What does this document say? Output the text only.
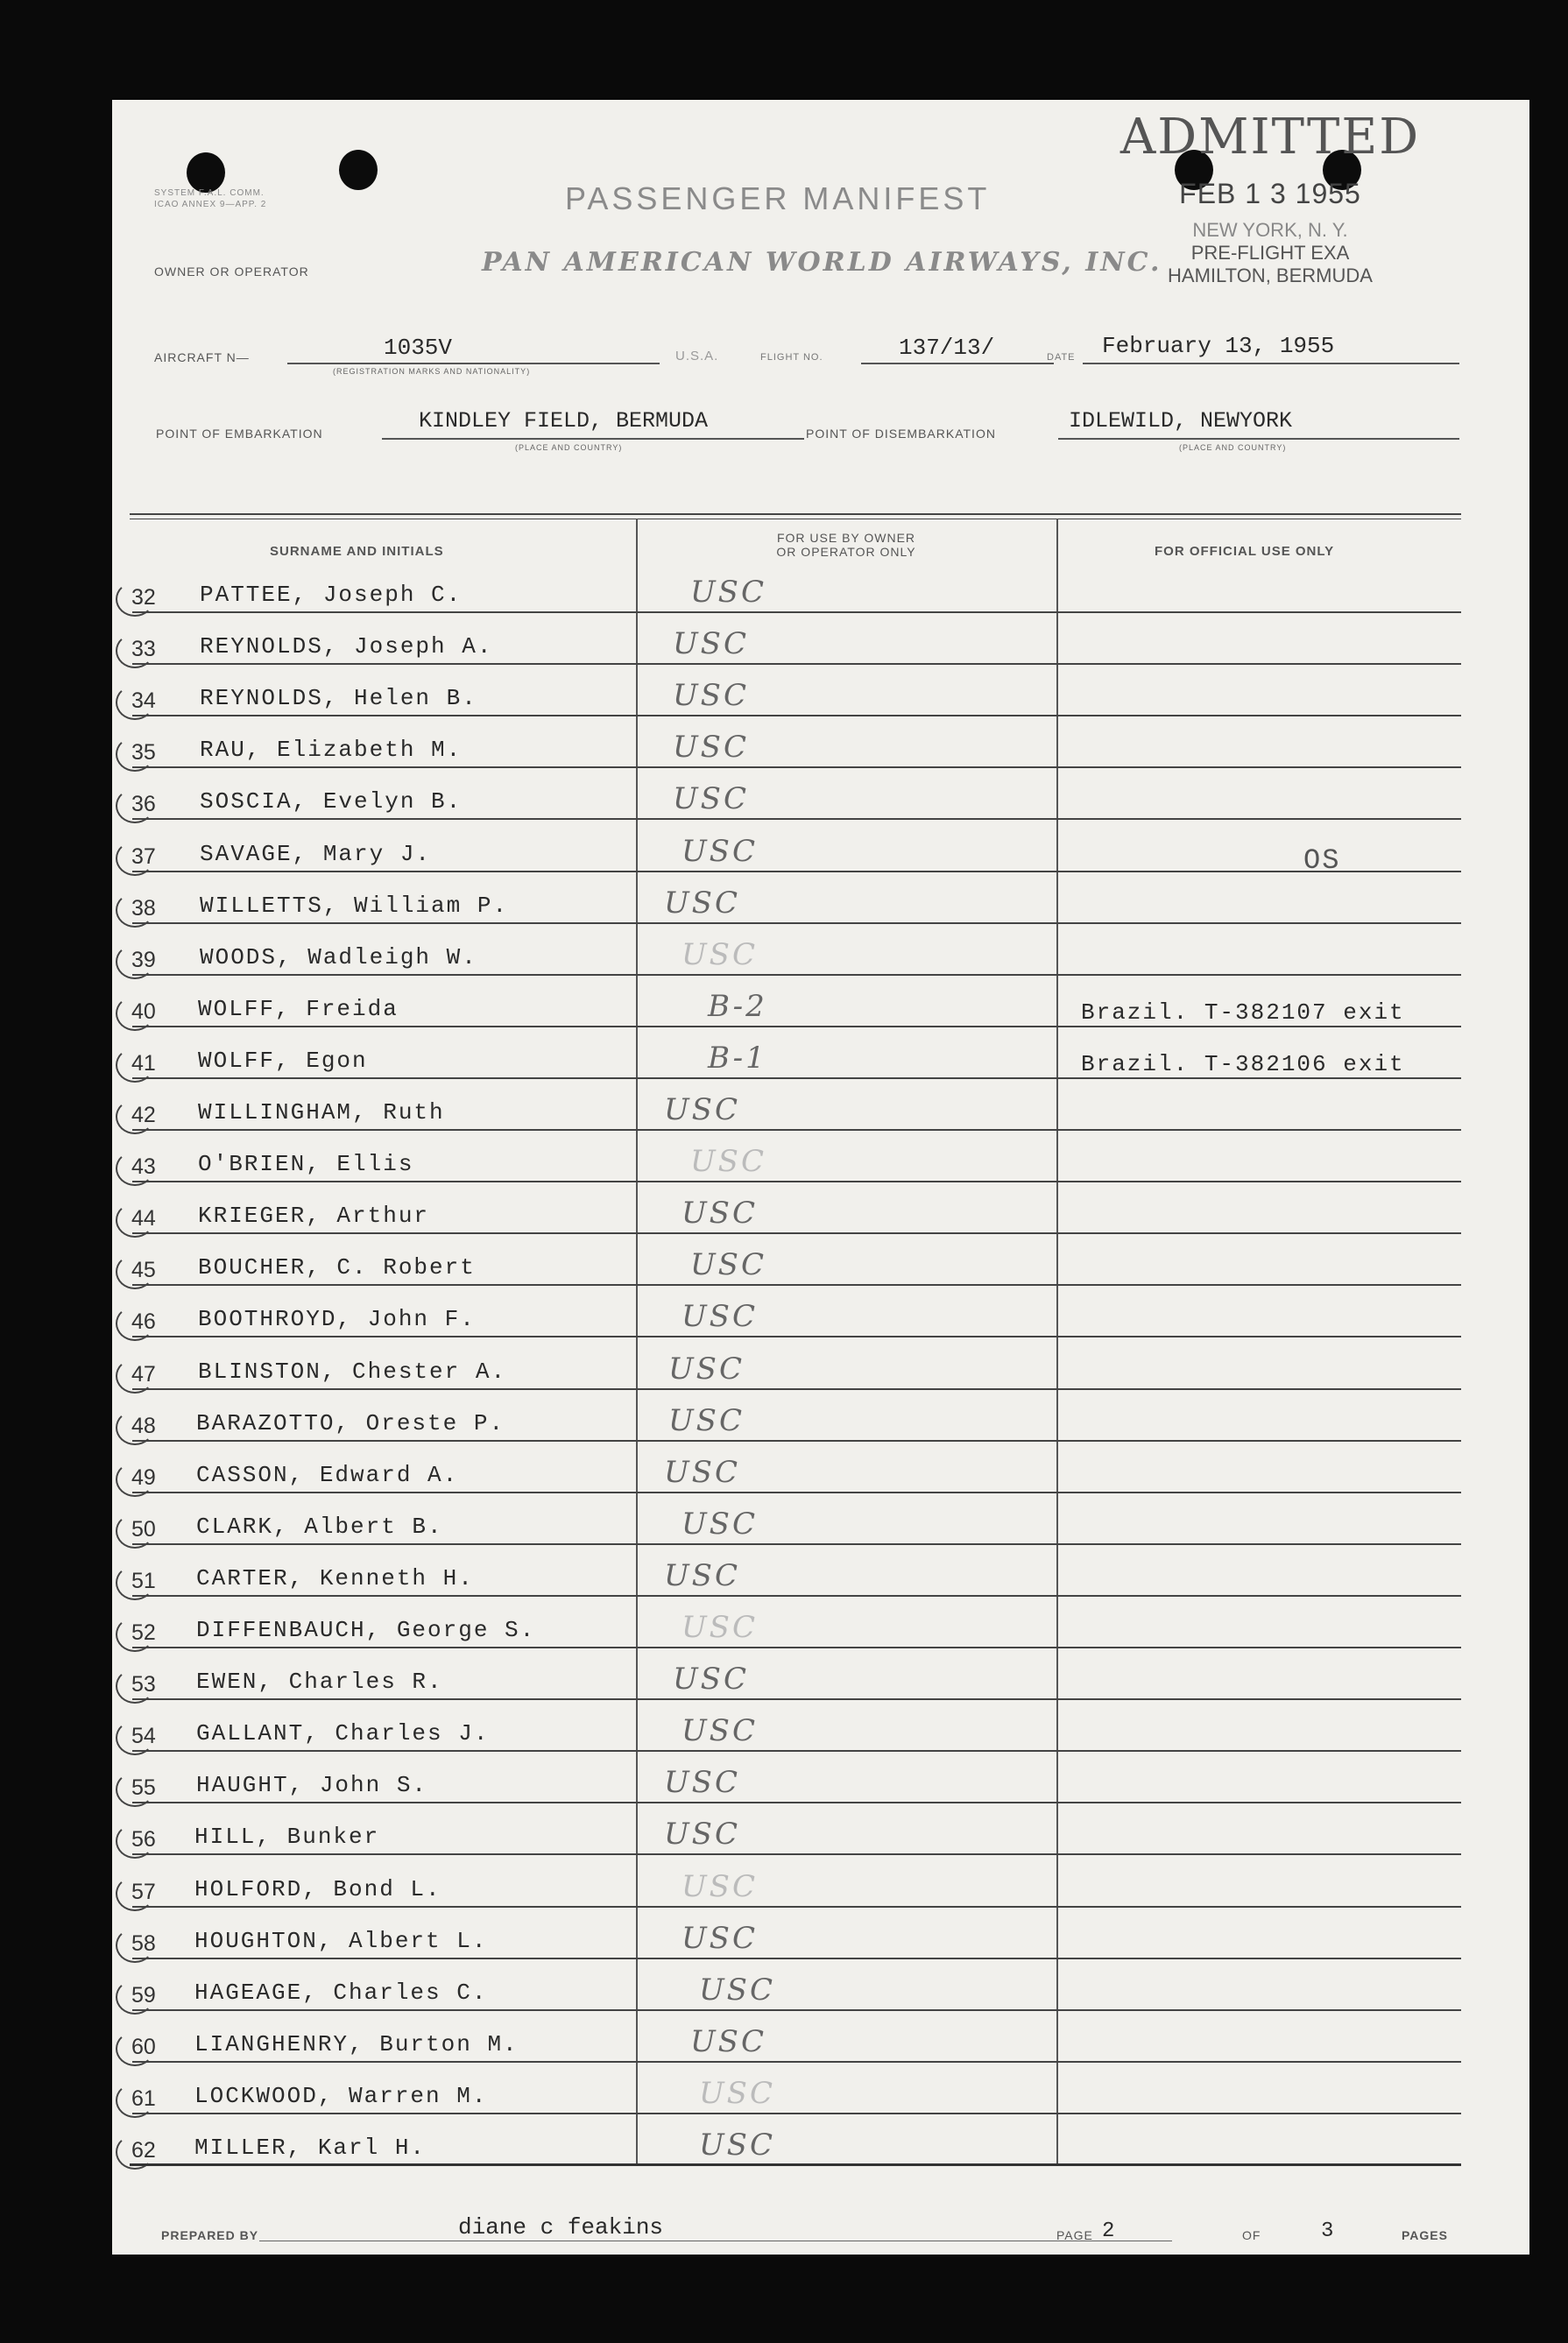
SYSTEM F.A.L. COMM.
ICAO ANNEX 9—APP. 2	PASSENGER MANIFEST
OWNER OR OPERATOR	PAN AMERICAN WORLD AIRWAYS, INC.
ADMITTED
FEB 1 3 1955
NEW YORK, N. Y.
PRE-FLIGHT EXA
HAMILTON, BERMUDA
AIRCRAFT N—	1035V
(REGISTRATION MARKS AND NATIONALITY)
U.S.A.	FLIGHT NO.	137/13/	DATE February 13, 1955
POINT OF EMBARKATION	KINDLEY FIELD, BERMUDA
(PLACE AND COUNTRY)
POINT OF DISEMBARKATION	IDLEWILD, NEWYORK
(PLACE AND COUNTRY)
SURNAME AND INITIALS
FOR USE BY OWNER
OR OPERATOR ONLY	FOR OFFICIAL USE ONLY
32 PATTEE, Joseph C.	USC
33 REYNOLDS, Joseph A.	USC
34 REYNOLDS, Helen B.	USC
35 RAU, Elizabeth M.	USC
36 SOSCIA, Evelyn B.	USC
37 SAVAGE, Mary J.	USC	OS
38 WILLETTS, William P.	USC
39 WOODS, Wadleigh W.	USC
40 WOLFF, Freida	B-2	Brazil. T-382107 exit
41 WOLFF, Egon	B-1	Brazil. T-382106 exit
42 WILLINGHAM, Ruth	USC
43 O'BRIEN, Ellis	USC
44 KRIEGER, Arthur	USC
45 BOUCHER, C. Robert	USC
46 BOOTHROYD, John F.	USC
47 BLINSTON, Chester A.	USC
48 BARAZOTTO, Oreste P.	USC
49 CASSON, Edward A.	USC
50 CLARK, Albert B.	USC
51 CARTER, Kenneth H.	USC
52 DIFFENBAUCH, George S.	USC
53 EWEN, Charles R.	USC
54 GALLANT, Charles J.	USC
55 HAUGHT, John S.	USC
56 HILL, Bunker	USC
57 HOLFORD, Bond L.	USC
58 HOUGHTON, Albert L.	USC
59 HAGEAGE, Charles C.	USC
60 LIANGHENRY, Burton M.	USC
61 LOCKWOOD, Warren M.	USC
62 MILLER, Karl H.	USC
PREPARED BY	diane c feakins	PAGE 2	OF	3	PAGES
